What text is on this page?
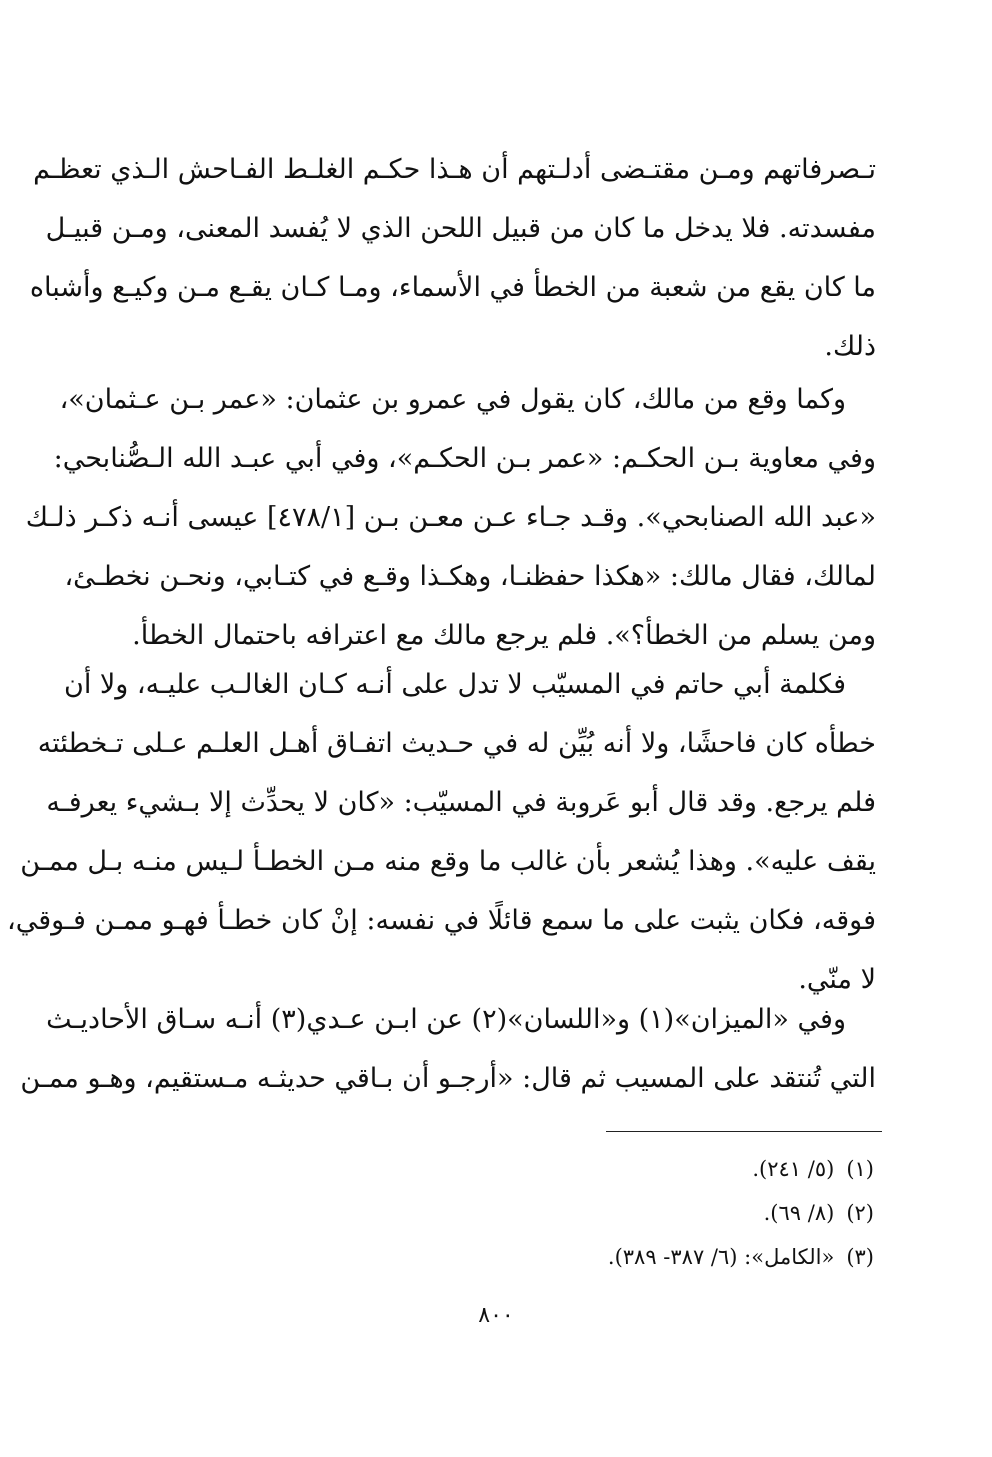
تـصرفاتهم ومـن مقتـضى أدلـتهم أن هـذا حكـم الغلـط الفـاحش الـذي تعظـم
مفسدته. فلا يدخل ما كان من قبيل اللحن الذي لا يُفسد المعنى، ومـن قبيـل
ما كان يقع من شعبة من الخطأ في الأسماء، ومـا كـان يقـع مـن وكيـع وأشباه
ذلك.
وكما وقع من مالك، كان يقول في عمرو بن عثمان: «عمر بـن عـثمان»،
وفي معاوية بـن الحكـم: «عمر بـن الحكـم»، وفي أبي عبـد الله الـصُّنابحي:
«عبد الله الصنابحي». وقـد جـاء عـن معـن بـن [٤٧٨/١] عيسى أنـه ذكـر ذلـك
لمالك، فقال مالك: «هكذا حفظنـا، وهكـذا وقـع في كتـابي، ونحـن نخطـئ،
ومن يسلم من الخطأ؟». فلم يرجع مالك مع اعترافه باحتمال الخطأ.
فكلمة أبي حاتم في المسيّب لا تدل على أنـه كـان الغالـب عليـه، ولا أن
خطأه كان فاحشًا، ولا أنه بُيِّن له في حـديث اتفـاق أهـل العلـم عـلى تـخطئته
فلم يرجع. وقد قال أبو عَروبة في المسيّب: «كان لا يحدِّث إلا بـشيء يعرفـه
يقف عليه». وهذا يُشعر بأن غالب ما وقع منه مـن الخطـأ لـيس منـه بـل ممـن
فوقه، فكان يثبت على ما سمع قائلًا في نفسه: إنْ كان خطـأ فهـو ممـن فـوقي،
لا منّي.
وفي «الميزان»(١) و«اللسان»(٢) عن ابـن عـدي(٣) أنـه سـاق الأحاديـث
التي تُنتقد على المسيب ثم قال: «أرجـو أن بـاقي حديثـه مـستقيم، وهـو ممـن
(١)(٥/ ٢٤١).
(٢)(٨/ ٦٩).
(٣)«الكامل»: (٦/ ٣٨٧- ٣٨٩).
٨٠٠
